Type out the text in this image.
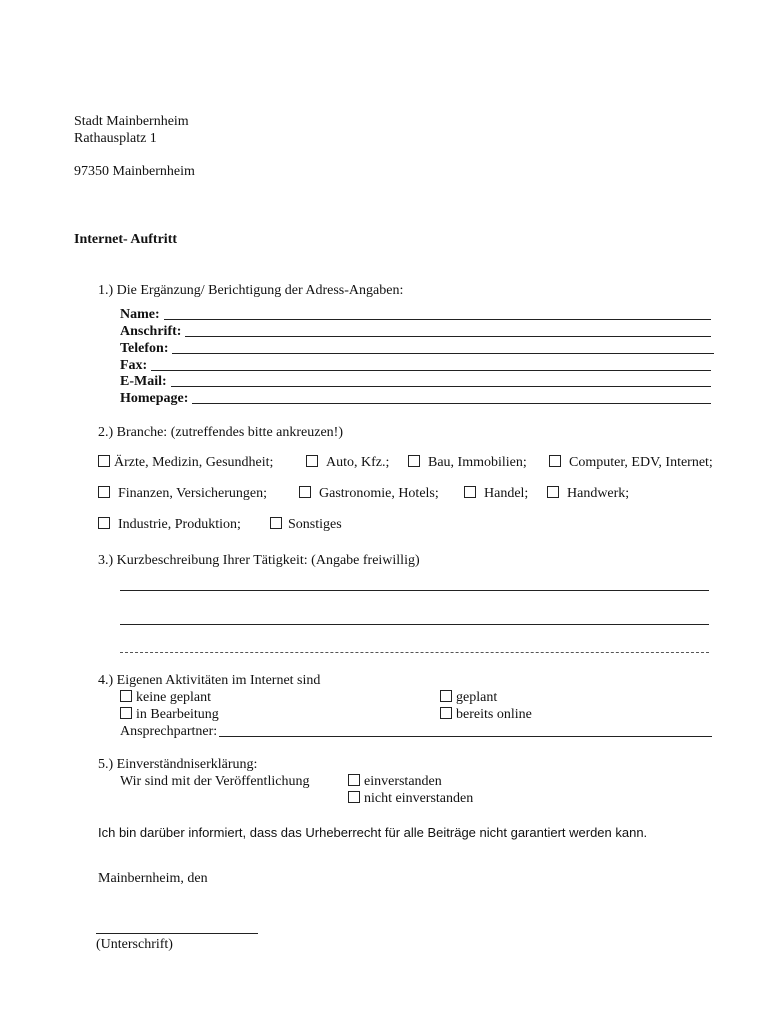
Stadt Mainbernheim
Rathausplatz 1
97350 Mainbernheim
Internet- Auftritt
1.) Die Ergänzung/ Berichtigung der Adress-Angaben:
Name:
Anschrift:
Telefon:
Fax:
E-Mail:
Homepage:
2.) Branche: (zutreffendes bitte ankreuzen!)
Ärzte, Medizin, Gesundheit;	Auto, Kfz.;	Bau, Immobilien;	Computer, EDV, Internet;
Finanzen, Versicherungen;	Gastronomie, Hotels;	Handel;	Handwerk;
Industrie, Produktion;	Sonstiges
3.) Kurzbeschreibung Ihrer Tätigkeit: (Angabe freiwillig)
4.) Eigenen Aktivitäten im Internet sind
keine geplant	geplant
in Bearbeitung	bereits online
Ansprechpartner:
5.) Einverständniserklärung:
Wir sind mit der Veröffentlichung	einverstanden
nicht einverstanden
Ich bin darüber informiert, dass das Urheberrecht für alle Beiträge nicht garantiert werden kann.
Mainbernheim, den
(Unterschrift)
